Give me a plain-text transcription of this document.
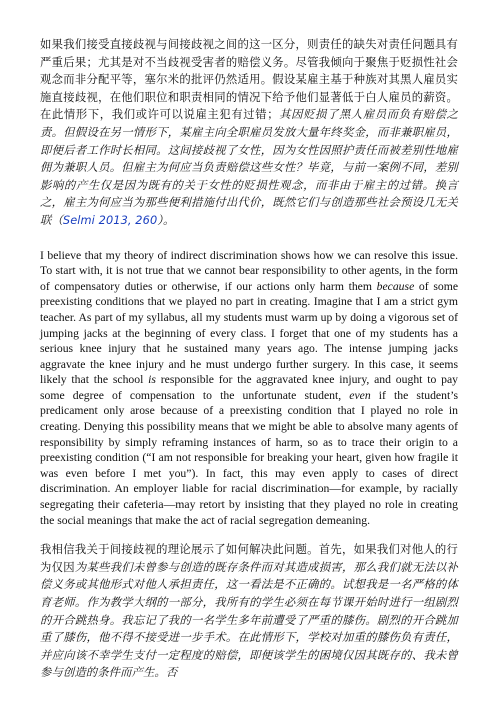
如果我们接受直接歧视与间接歧视之间的这一区分，则责任的缺失对责任问题具有严重后果；尤其是对不当歧视受害者的赔偿义务。尽管我倾向于聚焦于贬损性社会观念而非分配平等，塞尔米的批评仍然适用。假设某雇主基于种族对其黑人雇员实施直接歧视，在他们职位和职责相同的情况下给予他们显著低于白人雇员的薪资。在此情形下，我们或许可以说雇主犯有过错；其因贬损了黑人雇员而负有赔偿之责。但假设在另一情形下，某雇主向全职雇员发放大量年终奖金，而非兼职雇员，即便后者工作时长相同。这间接歧视了女性，因为女性因照护责任而被差别性地雇佣为兼职人员。但雇主为何应当负责赔偿这些女性？毕竟，与前一案例不同，差别影响的产生仅是因为既有的关于女性的贬损性观念，而非由于雇主的过错。换言之，雇主为何应当为那些便利措施付出代价，既然它们与创造那些社会预设几无关联（Selmi 2013, 260）。

I believe that my theory of indirect discrimination shows how we can resolve this issue. To start with, it is not true that we cannot bear responsibility to other agents, in the form of compensatory duties or otherwise, if our actions only harm them because of some preexisting conditions that we played no part in creating. Imagine that I am a strict gym teacher. As part of my syllabus, all my students must warm up by doing a vigorous set of jumping jacks at the beginning of every class. I forget that one of my students has a serious knee injury that he sustained many years ago. The intense jumping jacks aggravate the knee injury and he must undergo further surgery. In this case, it seems likely that the school is responsible for the aggravated knee injury, and ought to pay some degree of compensation to the unfortunate student, even if the student’s predicament only arose because of a preexisting condition that I played no role in creating. Denying this possibility means that we might be able to absolve many agents of responsibility by simply reframing instances of harm, so as to trace their origin to a preexisting condition (“I am not responsible for breaking your heart, given how fragile it was even before I met you”). In fact, this may even apply to cases of direct discrimination. An employer liable for racial discrimination—for example, by racially segregating their cafeteria—may retort by insisting that they played no role in creating the social meanings that make the act of racial segregation demeaning.

我相信我关于间接歧视的理论展示了如何解决此问题。首先，如果我们对他人的行为仅因为某些我们未曾参与创造的既存条件而对其造成损害，那么我们就无法以补偿义务或其他形式对他人承担责任，这一看法是不正确的。试想我是一名严格的体育老师。作为教学大纲的一部分，我所有的学生必须在每节课开始时进行一组剧烈的开合跳热身。我忘记了我的一名学生多年前遭受了严重的膝伤。剧烈的开合跳加重了膝伤，他不得不接受进一步手术。在此情形下，学校对加重的膝伤负有责任，并应向该不幸学生支付一定程度的赔偿，即便该学生的困境仅因其既存的、我未曾参与创造的条件而产生。否
